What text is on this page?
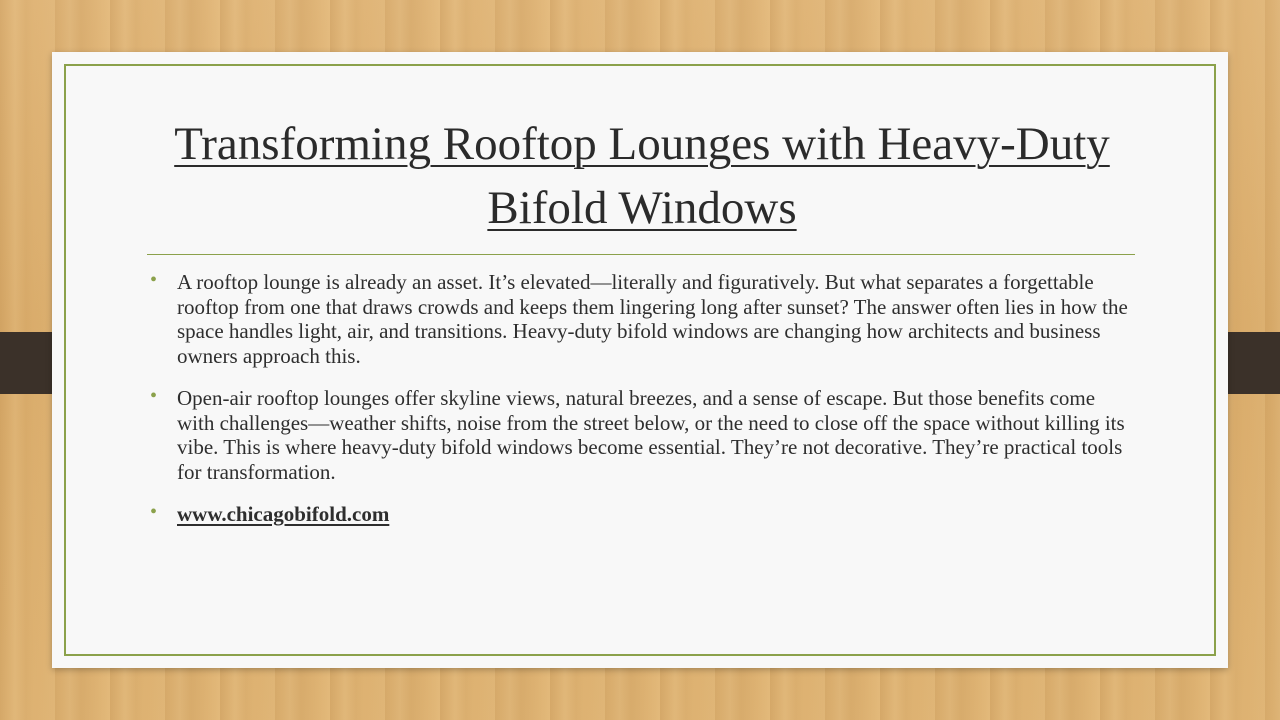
Transforming Rooftop Lounges with Heavy-Duty Bifold Windows
• A rooftop lounge is already an asset. It’s elevated—literally and figuratively. But what separates a forgettable rooftop from one that draws crowds and keeps them lingering long after sunset? The answer often lies in how the space handles light, air, and transitions. Heavy-duty bifold windows are changing how architects and business owners approach this.
• Open-air rooftop lounges offer skyline views, natural breezes, and a sense of escape. But those benefits come with challenges—weather shifts, noise from the street below, or the need to close off the space without killing its vibe. This is where heavy-duty bifold windows become essential. They’re not decorative. They’re practical tools for transformation.
• www.chicagobifold.com
